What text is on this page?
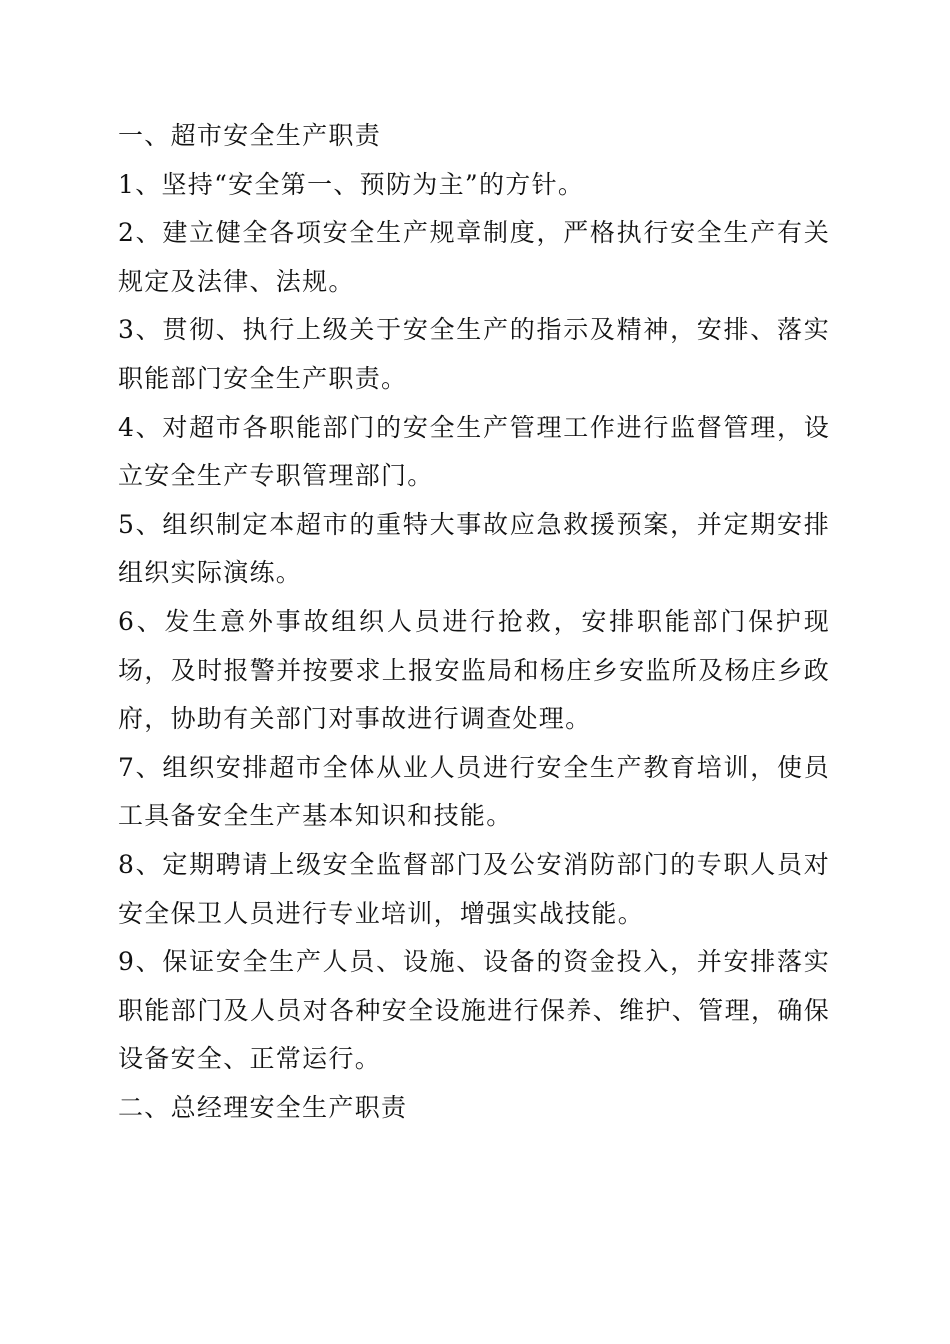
一、超市安全生产职责

1、坚持“安全第一、预防为主”的方针。

2、建立健全各项安全生产规章制度，严格执行安全生产有关规定及法律、法规。

3、贯彻、执行上级关于安全生产的指示及精神，安排、落实职能部门安全生产职责。

4、对超市各职能部门的安全生产管理工作进行监督管理，设立安全生产专职管理部门。

5、组织制定本超市的重特大事故应急救援预案，并定期安排组织实际演练。

6、发生意外事故组织人员进行抢救，安排职能部门保护现场，及时报警并按要求上报安监局和杨庄乡安监所及杨庄乡政府，协助有关部门对事故进行调查处理。

7、组织安排超市全体从业人员进行安全生产教育培训，使员工具备安全生产基本知识和技能。

8、定期聘请上级安全监督部门及公安消防部门的专职人员对安全保卫人员进行专业培训，增强实战技能。

9、保证安全生产人员、设施、设备的资金投入，并安排落实职能部门及人员对各种安全设施进行保养、维护、管理，确保设备安全、正常运行。

二、总经理安全生产职责
